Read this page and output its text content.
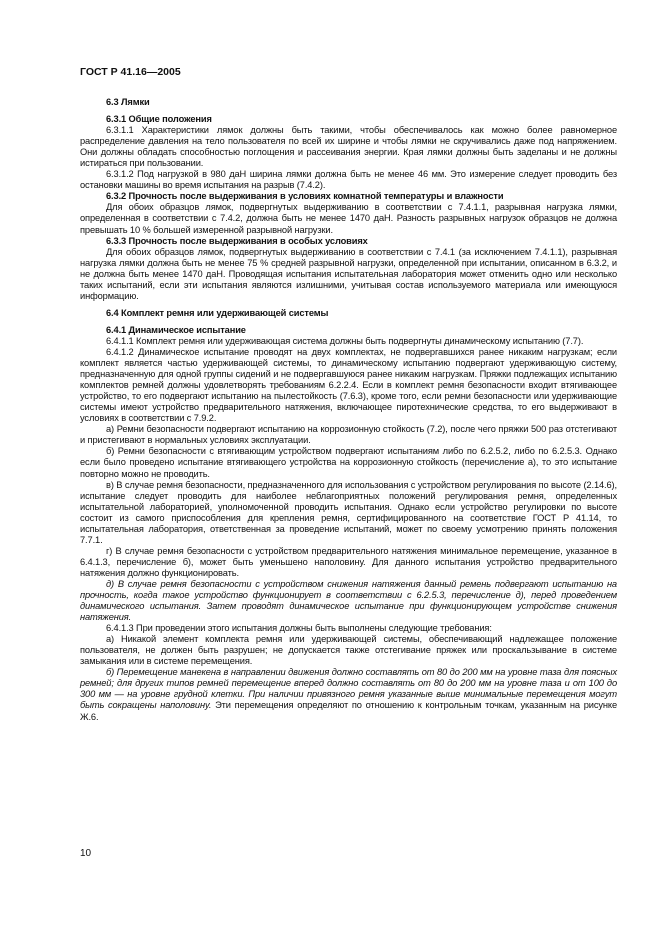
ГОСТ Р 41.16—2005

6.3 Лямки

6.3.1 Общие положения

6.3.1.1 Характеристики лямок должны быть такими, чтобы обеспечивалось как можно более равномерное распределение давления на тело пользователя по всей их ширине и чтобы лямки не скручивались даже под напряжением. Они должны обладать способностью поглощения и рассеивания энергии. Края лямки должны быть заделаны и не должны истираться при пользовании.

6.3.1.2 Под нагрузкой в 980 даН ширина лямки должна быть не менее 46 мм. Это измерение следует проводить без остановки машины во время испытания на разрыв (7.4.2).

6.3.2 Прочность после выдерживания в условиях комнатной температуры и влажности

Для обоих образцов лямок, подвергнутых выдерживанию в соответствии с 7.4.1.1, разрывная нагрузка лямки, определенная в соответствии с 7.4.2, должна быть не менее 1470 даН. Разность разрывных нагрузок образцов не должна превышать 10 % большей измеренной разрывной нагрузки.

6.3.3 Прочность после выдерживания в особых условиях

Для обоих образцов лямок, подвергнутых выдерживанию в соответствии с 7.4.1 (за исключением 7.4.1.1), разрывная нагрузка лямки должна быть не менее 75 % средней разрывной нагрузки, определенной при испытании, описанном в 6.3.2, и не должна быть менее 1470 даН. Проводящая испытания испытательная лаборатория может отменить одно или несколько таких испытаний, если эти испытания являются излишними, учитывая состав используемого материала или имеющуюся информацию.

6.4 Комплект ремня или удерживающей системы

6.4.1 Динамическое испытание

6.4.1.1 Комплект ремня или удерживающая система должны быть подвергнуты динамическому испытанию (7.7).

6.4.1.2 Динамическое испытание проводят на двух комплектах, не подвергавшихся ранее никаким нагрузкам; если комплект является частью удерживающей системы, то динамическому испытанию подвергают удерживающую систему, предназначенную для одной группы сидений и не подвергавшуюся ранее никаким нагрузкам. Пряжки подлежащих испытанию комплектов ремней должны удовлетворять требованиям 6.2.2.4. Если в комплект ремня безопасности входит втягивающее устройство, то его подвергают испытанию на пылестойкость (7.6.3), кроме того, если ремни безопасности или удерживающие системы имеют устройство предварительного натяжения, включающее пиротехнические средства, то его выдерживают в условиях в соответствии с 7.9.2.

а) Ремни безопасности подвергают испытанию на коррозионную стойкость (7.2), после чего пряжки 500 раз отстегивают и пристегивают в нормальных условиях эксплуатации.

б) Ремни безопасности с втягивающим устройством подвергают испытаниям либо по 6.2.5.2, либо по 6.2.5.3. Однако если было проведено испытание втягивающего устройства на коррозионную стойкость (перечисление а), то это испытание повторно можно не проводить.

в) В случае ремня безопасности, предназначенного для использования с устройством регулирования по высоте (2.14.6), испытание следует проводить для наиболее неблагоприятных положений регулирования ремня, определенных испытательной лабораторией, уполномоченной проводить испытания. Однако если устройство регулировки по высоте состоит из самого приспособления для крепления ремня, сертифицированного на соответствие ГОСТ Р 41.14, то испытательная лаборатория, ответственная за проведение испытаний, может по своему усмотрению принять положения 7.7.1.

г) В случае ремня безопасности с устройством предварительного натяжения минимальное перемещение, указанное в 6.4.1.3, перечисление б), может быть уменьшено наполовину. Для данного испытания устройство предварительного натяжения должно функционировать.

д) В случае ремня безопасности с устройством снижения натяжения данный ремень подвергают испытанию на прочность, когда такое устройство функционирует в соответствии с 6.2.5.3, перечисление д), перед проведением динамического испытания. Затем проводят динамическое испытание при функционирующем устройстве снижения натяжения.

6.4.1.3 При проведении этого испытания должны быть выполнены следующие требования:

а) Никакой элемент комплекта ремня или удерживающей системы, обеспечивающий надлежащее положение пользователя, не должен быть разрушен; не допускается также отстегивание пряжек или проскальзывание в системе замыкания или в системе перемещения.

б) Перемещение манекена в направлении движения должно составлять от 80 до 200 мм на уровне таза для поясных ремней; для других типов ремней перемещение вперед должно составлять от 80 до 200 мм на уровне таза и от 100 до 300 мм — на уровне грудной клетки. При наличии привязного ремня указанные выше минимальные перемещения могут быть сокращены наполовину. Эти перемещения определяют по отношению к контрольным точкам, указанным на рисунке Ж.6.

10
